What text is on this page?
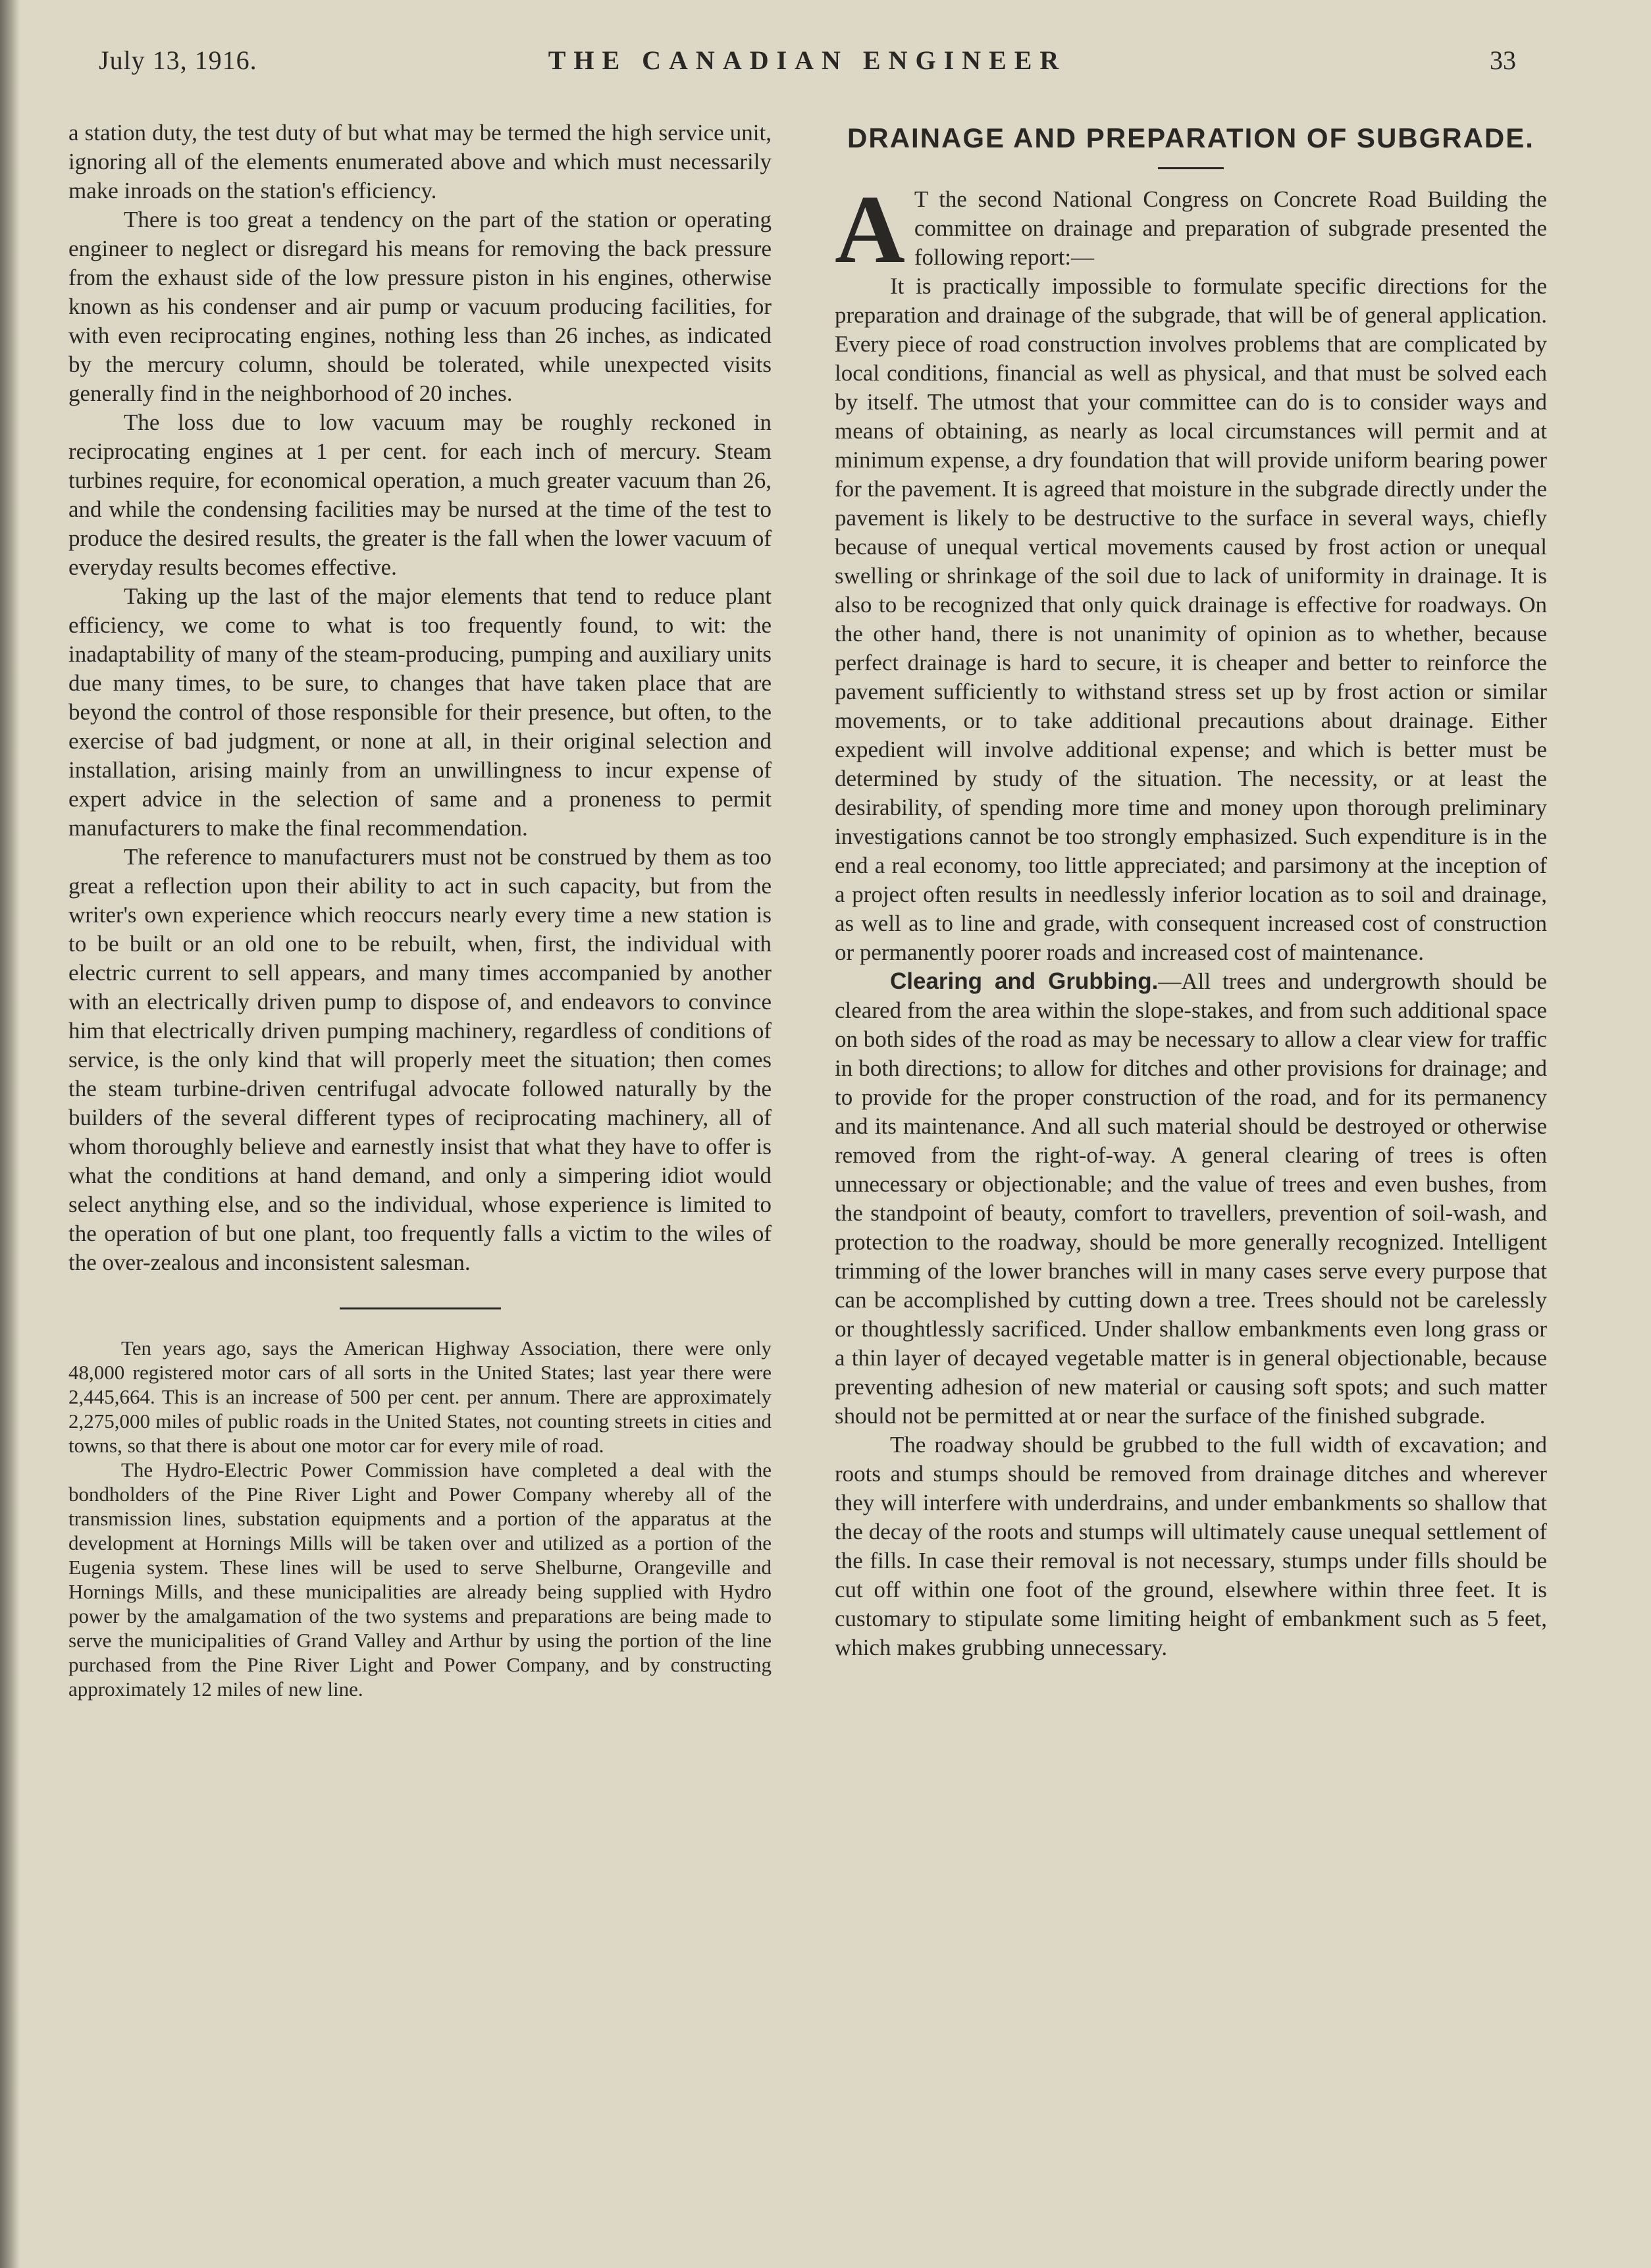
July 13, 1916.	THE CANADIAN ENGINEER	33

a station duty, the test duty of but what may be termed the high service unit, ignoring all of the elements enumerated above and which must necessarily make inroads on the station's efficiency.

There is too great a tendency on the part of the station or operating engineer to neglect or disregard his means for removing the back pressure from the exhaust side of the low pressure piston in his engines, otherwise known as his condenser and air pump or vacuum producing facilities, for with even reciprocating engines, nothing less than 26 inches, as indicated by the mercury column, should be tolerated, while unexpected visits generally find in the neighborhood of 20 inches.

The loss due to low vacuum may be roughly reckoned in reciprocating engines at 1 per cent. for each inch of mercury. Steam turbines require, for economical operation, a much greater vacuum than 26, and while the condensing facilities may be nursed at the time of the test to produce the desired results, the greater is the fall when the lower vacuum of everyday results becomes effective.

Taking up the last of the major elements that tend to reduce plant efficiency, we come to what is too frequently found, to wit: the inadaptability of many of the steam-producing, pumping and auxiliary units due many times, to be sure, to changes that have taken place that are beyond the control of those responsible for their presence, but often, to the exercise of bad judgment, or none at all, in their original selection and installation, arising mainly from an unwillingness to incur expense of expert advice in the selection of same and a proneness to permit manufacturers to make the final recommendation.

The reference to manufacturers must not be construed by them as too great a reflection upon their ability to act in such capacity, but from the writer's own experience which reoccurs nearly every time a new station is to be built or an old one to be rebuilt, when, first, the individual with electric current to sell appears, and many times accompanied by another with an electrically driven pump to dispose of, and endeavors to convince him that electrically driven pumping machinery, regardless of conditions of service, is the only kind that will properly meet the situation; then comes the steam turbine-driven centrifugal advocate followed naturally by the builders of the several different types of reciprocating machinery, all of whom thoroughly believe and earnestly insist that what they have to offer is what the conditions at hand demand, and only a simpering idiot would select anything else, and so the individual, whose experience is limited to the operation of but one plant, too frequently falls a victim to the wiles of the over-zealous and inconsistent salesman.

Ten years ago, says the American Highway Association, there were only 48,000 registered motor cars of all sorts in the United States; last year there were 2,445,664. This is an increase of 500 per cent. per annum. There are approximately 2,275,000 miles of public roads in the United States, not counting streets in cities and towns, so that there is about one motor car for every mile of road.

The Hydro-Electric Power Commission have completed a deal with the bondholders of the Pine River Light and Power Company whereby all of the transmission lines, substation equipments and a portion of the apparatus at the development at Hornings Mills will be taken over and utilized as a portion of the Eugenia system. These lines will be used to serve Shelburne, Orangeville and Hornings Mills, and these municipalities are already being supplied with Hydro power by the amalgamation of the two systems and preparations are being made to serve the municipalities of Grand Valley and Arthur by using the portion of the line purchased from the Pine River Light and Power Company, and by constructing approximately 12 miles of new line.

DRAINAGE AND PREPARATION OF SUBGRADE.

A T the second National Congress on Concrete Road Building the committee on drainage and preparation of subgrade presented the following report:—

It is practically impossible to formulate specific directions for the preparation and drainage of the subgrade, that will be of general application. Every piece of road construction involves problems that are complicated by local conditions, financial as well as physical, and that must be solved each by itself. The utmost that your committee can do is to consider ways and means of obtaining, as nearly as local circumstances will permit and at minimum expense, a dry foundation that will provide uniform bearing power for the pavement. It is agreed that moisture in the subgrade directly under the pavement is likely to be destructive to the surface in several ways, chiefly because of unequal vertical movements caused by frost action or unequal swelling or shrinkage of the soil due to lack of uniformity in drainage. It is also to be recognized that only quick drainage is effective for roadways. On the other hand, there is not unanimity of opinion as to whether, because perfect drainage is hard to secure, it is cheaper and better to reinforce the pavement sufficiently to withstand stress set up by frost action or similar movements, or to take additional precautions about drainage. Either expedient will involve additional expense; and which is better must be determined by study of the situation. The necessity, or at least the desirability, of spending more time and money upon thorough preliminary investigations cannot be too strongly emphasized. Such expenditure is in the end a real economy, too little appreciated; and parsimony at the inception of a project often results in needlessly inferior location as to soil and drainage, as well as to line and grade, with consequent increased cost of construction or permanently poorer roads and increased cost of maintenance.

Clearing and Grubbing.—All trees and undergrowth should be cleared from the area within the slope-stakes, and from such additional space on both sides of the road as may be necessary to allow a clear view for traffic in both directions; to allow for ditches and other provisions for drainage; and to provide for the proper construction of the road, and for its permanency and its maintenance. And all such material should be destroyed or otherwise removed from the right-of-way. A general clearing of trees is often unnecessary or objectionable; and the value of trees and even bushes, from the standpoint of beauty, comfort to travellers, prevention of soil-wash, and protection to the roadway, should be more generally recognized. Intelligent trimming of the lower branches will in many cases serve every purpose that can be accomplished by cutting down a tree. Trees should not be carelessly or thoughtlessly sacrificed. Under shallow embankments even long grass or a thin layer of decayed vegetable matter is in general objectionable, because preventing adhesion of new material or causing soft spots; and such matter should not be permitted at or near the surface of the finished subgrade.

The roadway should be grubbed to the full width of excavation; and roots and stumps should be removed from drainage ditches and wherever they will interfere with underdrains, and under embankments so shallow that the decay of the roots and stumps will ultimately cause unequal settlement of the fills. In case their removal is not necessary, stumps under fills should be cut off within one foot of the ground, elsewhere within three feet. It is customary to stipulate some limiting height of embankment such as 5 feet, which makes grubbing unnecessary.
